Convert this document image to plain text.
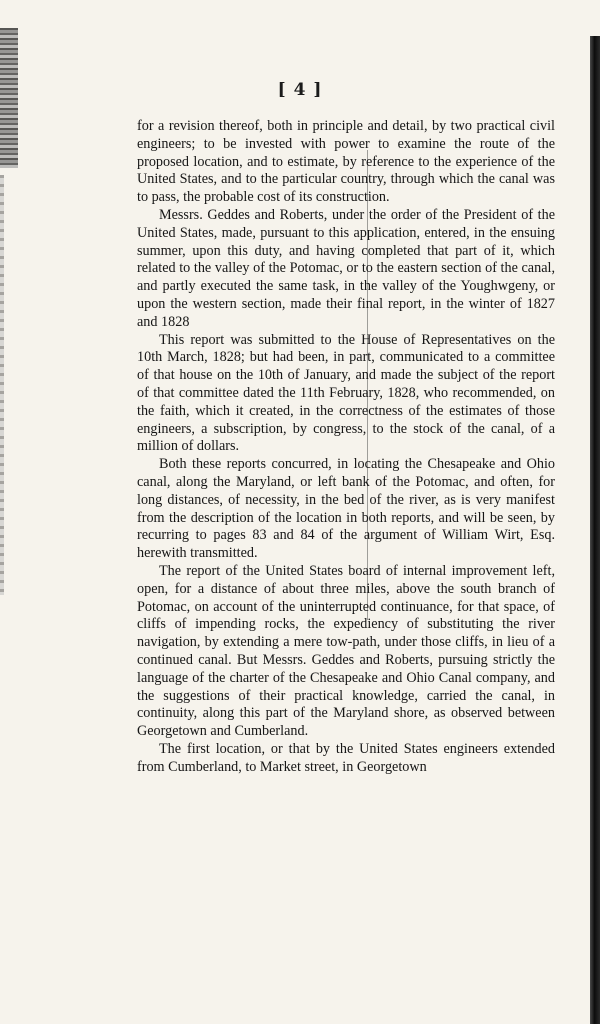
[ 4 ]

for a revision thereof, both in principle and detail, by two practical civil engineers; to be invested with power to examine the route of the proposed location, and to estimate, by reference to the experience of the United States, and to the particular country, through which the canal was to pass, the probable cost of its construction.

Messrs. Geddes and Roberts, under the order of the President of the United States, made, pursuant to this application, entered, in the ensuing summer, upon this duty, and having completed that part of it, which related to the valley of the Potomac, or to the eastern section of the canal, and partly executed the same task, in the valley of the Youghwgeny, or upon the western section, made their final report, in the winter of 1827 and 1828

This report was submitted to the House of Representatives on the 10th March, 1828; but had been, in part, communicated to a committee of that house on the 10th of January, and made the subject of the report of that committee dated the 11th February, 1828, who recommended, on the faith, which it created, in the correctness of the estimates of those engineers, a subscription, by congress, to the stock of the canal, of a million of dollars.

Both these reports concurred, in locating the Chesapeake and Ohio canal, along the Maryland, or left bank of the Potomac, and often, for long distances, of necessity, in the bed of the river, as is very manifest from the description of the location in both reports, and will be seen, by recurring to pages 83 and 84 of the argument of William Wirt, Esq. herewith transmitted.

The report of the United States board of internal improvement left, open, for a distance of about three miles, above the south branch of Potomac, on account of the uninterrupted continuance, for that space, of cliffs of impending rocks, the expediency of substituting the river navigation, by extending a mere tow-path, under those cliffs, in lieu of a continued canal. But Messrs. Geddes and Roberts, pursuing strictly the language of the charter of the Chesapeake and Ohio Canal company, and the suggestions of their practical knowledge, carried the canal, in continuity, along this part of the Maryland shore, as observed between Georgetown and Cumberland.

The first location, or that by the United States engineers extended from Cumberland, to Market street, in Georgetown
